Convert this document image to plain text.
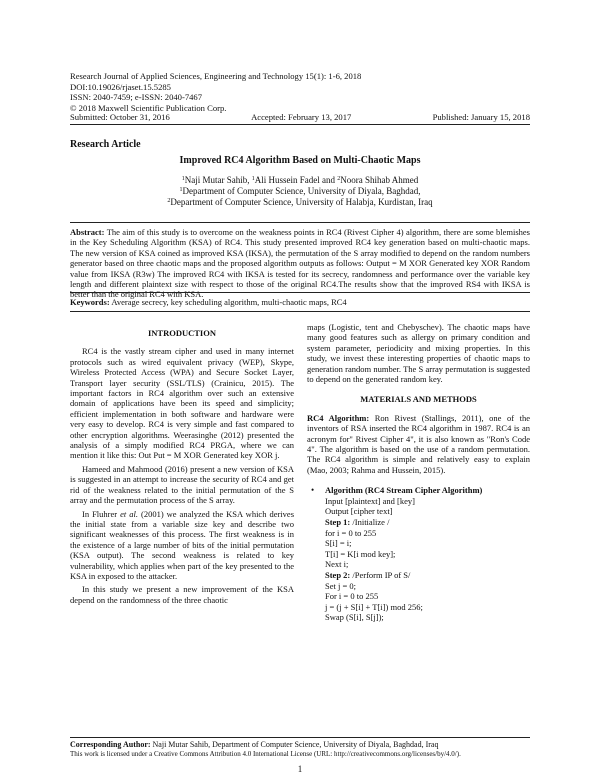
Research Journal of Applied Sciences, Engineering and Technology 15(1): 1-6, 2018
DOI:10.19026/rjaset.15.5285
ISSN: 2040-7459; e-ISSN: 2040-7467
© 2018 Maxwell Scientific Publication Corp.
Submitted: October 31, 2016	Accepted: February 13, 2017	Published: January 15, 2018
Research Article
Improved RC4 Algorithm Based on Multi-Chaotic Maps
$^1$Naji Mutar Sahib, $^1$Ali Hussein Fadel and $^2$Noora Shihab Ahmed
$^1$Department of Computer Science, University of Diyala, Baghdad,
$^2$Department of Computer Science, University of Halabja, Kurdistan, Iraq
Abstract: The aim of this study is to overcome on the weakness points in RC4 (Rivest Cipher 4) algorithm, there are some blemishes in the Key Scheduling Algorithm (KSA) of RC4. This study presented improved RC4 key generation based on multi-chaotic maps. The new version of KSA coined as improved KSA (IKSA), the permutation of the S array modified to depend on the random numbers generator based on three chaotic maps and the proposed algorithm outputs as follows: Output = M XOR Generated key XOR Random value from IKSA (R3w) The improved RC4 with IKSA is tested for its secrecy, randomness and performance over the variable key length and different plaintext size with respect to those of the original RC4.The results show that the improved RS4 with IKSA is better than the original RC4 with KSA.
Keywords: Average secrecy, key scheduling algorithm, multi-chaotic maps, RC4
INTRODUCTION

RC4 is the vastly stream cipher and used in many internet protocols such as wired equivalent privacy (WEP), Skype, Wireless Protected Access (WPA) and Secure Socket Layer, Transport layer security (SSL/TLS) (Crainicu, 2015). The important factors in RC4 algorithm over such an extensive domain of applications have been its speed and simplicity; efficient implementation in both software and hardware were very easy to develop. RC4 is very simple and fast compared to other encryption algorithms. Weerasinghe (2012) presented the analysis of a simply modified RC4 PRGA, where we can mention it like this: Out Put = M XOR Generated key XOR j.

Hameed and Mahmood (2016) present a new version of KSA is suggested in an attempt to increase the security of RC4 and get rid of the weakness related to the initial permutation of the S array and the permutation process of the S array.

In Fluhrer et al. (2001) we analyzed the KSA which derives the initial state from a variable size key and describe two significant weaknesses of this process. The first weakness is in the existence of a large number of bits of the initial permutation (KSA output). The second weakness is related to key vulnerability, which applies when part of the key presented to the KSA in exposed to the attacker.

In this study we present a new improvement of the KSA depend on the randomness of the three chaotic

maps (Logistic, tent and Chebyschev). The chaotic maps have many good features such as allergy on primary condition and system parameter, periodicity and mixing properties. In this study, we invest these interesting properties of chaotic maps to generation random number. The S array permutation is suggested to depend on the generated random key.

MATERIALS AND METHODS

RC4 Algorithm: Ron Rivest (Stallings, 2011), one of the inventors of RSA inserted the RC4 algorithm in 1987. RC4 is an acronym for" Rivest Cipher 4", it is also known as "Ron's Code 4". The algorithm is based on the use of a random permutation. The RC4 algorithm is simple and relatively easy to explain (Mao, 2003; Rahma and Hussein, 2015).

• Algorithm (RC4 Stream Cipher Algorithm)
Input [plaintext] and [key]
Output [cipher text]
Step 1: /Initialize /
for i = 0 to 255
S[i] = i;
T[i] = K[i mod key];
Next i;
Step 2: /Perform IP of S/
Set j = 0;
For i = 0 to 255
j = (j + S[i] + T[i]) mod 256;
Swap (S[i], S[j]);
Corresponding Author: Naji Mutar Sahib, Department of Computer Science, University of Diyala, Baghdad, Iraq
This work is licensed under a Creative Commons Attribution 4.0 International License (URL: http://creativecommons.org/licenses/by/4.0/).
1
